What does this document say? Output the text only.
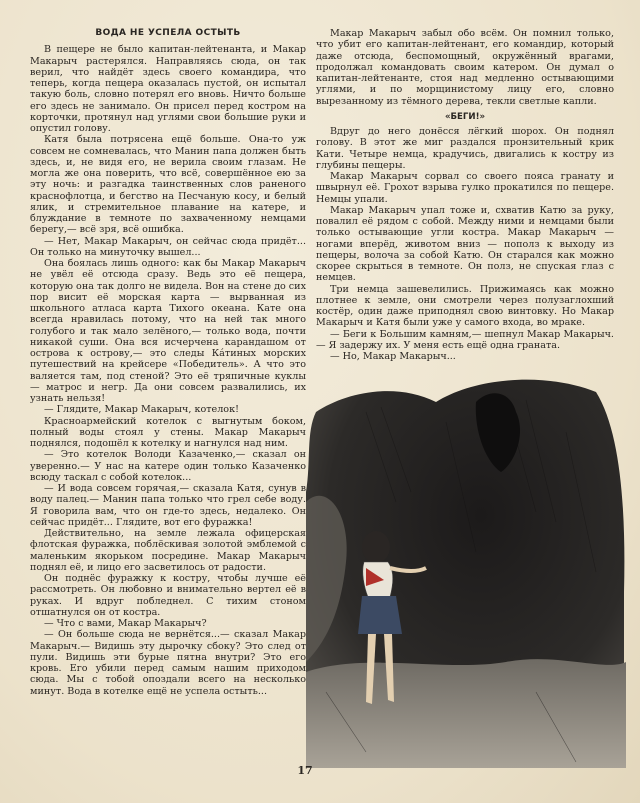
ВОДА НЕ УСПЕЛА ОСТЫТЬ

В пещере не было капитан-лейтенанта, и Макар Макарыч растерялся. Направляясь сюда, он так верил, что найдёт здесь своего командира, что теперь, когда пещера оказалась пустой, он испытал такую боль, словно потерял его вновь. Ничто больше его здесь не занимало. Он присел перед костром на корточки, протянул над углями свои большие руки и опустил голову.

Катя была потрясена ещё больше. Она-то уж совсем не сомневалась, что Манин папа должен быть здесь, и, не видя его, не верила своим глазам. Не могла же она поверить, что всё, совершённое ею за эту ночь: и разгадка таинственных слов раненого краснофлотца, и бегство на Песчаную косу, и белый ялик, и стремительное плавание на катере, и блуждание в темноте по захваченному немцами берегу,— всё зря, всё ошибка.

— Нет, Макар Макарыч, он сейчас сюда придёт... Он только на минуточку вышел...

Она боялась лишь одного: как бы Макар Макарыч не увёл её отсюда сразу. Ведь это её пещера, которую она так долго не видела. Вон на стене до сих пор висит её морская карта — вырванная из школьного атласа карта Тихого океана. Кате она всегда нравилась потому, что на ней так много голубого и так мало зелёного,— только вода, почти никакой суши. Она вся исчерчена карандашом от острова к острову,— это следы Кáтиных морских путешествий на крейсере «Победитель». А что это валяется там, под стеной? Это её тряпичные куклы — матрос и негр. Да они совсем развалились, их узнать нельзя!

— Глядите, Макар Макарыч, котелок!

Красноармейский котелок с выгнутым боком, полный воды стоял у стены. Макар Макарыч поднялся, подошёл к котелку и нагнулся над ним.

— Это котелок Володи Казаченко,— сказал он уверенно.— У нас на катере один только Казаченко всюду таскал с собой котелок...

— И вода совсем горячая,— сказала Катя, сунув в воду палец.— Манин папа только что грел себе воду. Я говорила вам, что он где-то здесь, недалеко. Он сейчас придёт... Глядите, вот его фуражка!

Действительно, на земле лежала офицерская флотская фуражка, поблёскивая золотой эмблемой с маленьким якорьком посредине. Макар Макарыч поднял её, и лицо его засветилось от радости.

Он поднёс фуражку к костру, чтобы лучше её рассмотреть. Он любовно и внимательно вертел её в руках. И вдруг побледнел. С тихим стоном отшатнулся он от костра.

— Что с вами, Макар Макарыч?

— Он больше сюда не вернётся...— сказал Макар Макарыч.— Видишь эту дырочку сбоку? Это след от пули. Видишь эти бурые пятна внутри? Это его кровь. Его убили перед самым нашим приходом сюда. Мы с тобой опоздали всего на несколько минут. Вода в котелке ещё не успела остыть...

Макар Макарыч забыл обо всём. Он помнил только, что убит его капитан-лейтенант, его командир, который даже отсюда, беспомощный, окружённый врагами, продолжал командовать своим катером. Он думал о капитан-лейтенанте, стоя над медленно остывающими углями, и по морщинистому лицу его, словно вырезанному из тёмного дерева, текли светлые капли.

«БЕГИ!»

Вдруг до него донёсся лёгкий шорох. Он поднял голову. В этот же миг раздался пронзительный крик Кати. Четыре немца, крадучись, двигались к костру из глубины пещеры.

Макар Макарыч сорвал со своего пояса гранату и швырнул её. Грохот взрыва гулко прокатился по пещере. Немцы упали.

Макар Макарыч упал тоже и, схватив Катю за руку, повалил её рядом с собой. Между ними и немцами были только остывающие угли костра. Макар Макарыч — ногами вперёд, животом вниз — пополз к выходу из пещеры, волоча за собой Катю. Он старался как можно скорее скрыться в темноте. Он полз, не спуская глаз с немцев.

Три немца зашевелились. Прижимаясь как можно плотнее к земле, они смотрели через полузаглохший костёр, один даже приподнял свою винтовку. Но Макар Макарыч и Катя были уже у самого входа, во мраке.

— Беги к Большим камням,— шепнул Макар Макарыч.— Я задержу их. У меня есть ещё одна граната.

— Но, Макар Макарыч...

17
